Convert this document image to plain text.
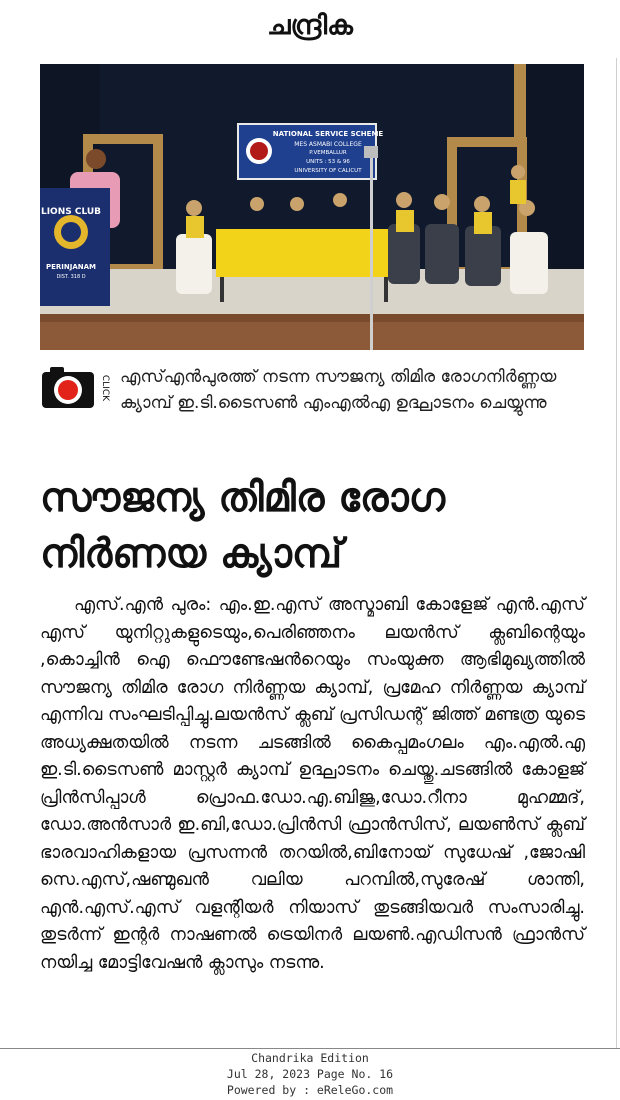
ചന്ദ്രിക
NATIONAL SERVICE SCHEME
MES ASMABI COLLEGE
P.VEMBALLUR
UNITS : 53 & 96
UNIVERSITY OF CALICUT
LIONS CLUB
PERINJANAM
DIST. 318 D
CLICK എസ്എൻപുരത്ത് നടന്ന സൗജന്യ തിമിര രോഗനിർണ്ണയ ക്യാമ്പ് ഇ.ടി.ടൈസൺ എംഎൽഎ ഉദ്ഘാടനം ചെയ്യുന്നു
സൗജന്യ തിമിര രോഗ നിർണയ ക്യാമ്പ്
എസ്.എൻ പുരം: എം.ഇ.എസ് അസ്മാബി കോളേജ് എൻ.എസ് എസ് യുനിറ്റുകളുടെയും,പെരിഞ്ഞനം ലയൻസ് ക്ലബിന്റെയും ,കൊച്ചിൻ ഐ ഫൌണ്ടേഷൻറെയും സംയുക്ത ആഭിമുഖ്യത്തിൽ സൗജന്യ തിമിര രോഗ നിർണ്ണയ ക്യാമ്പ്, പ്രമേഹ നിർണ്ണയ ക്യാമ്പ് എന്നിവ സംഘടിപ്പിച്ചു.ലയൻസ് ക്ലബ് പ്രസിഡന്റ് ജിത്ത് മണ്ടത്ര യുടെ അധ്യക്ഷതയിൽ നടന്ന ചടങ്ങിൽ കൈപ്പമംഗലം എം.എൽ.എ ഇ.ടി.ടൈസൺ മാസ്റ്റർ ക്യാമ്പ് ഉദ്ഘാടനം ചെയ്തു.ചടങ്ങിൽ കോളജ് പ്രിൻസിപ്പാൾ പ്രൊഫ.ഡോ.എ.ബിജു,ഡോ.റീനാ മുഹമ്മദ്, ഡോ.അൻസാർ ഇ.ബി,ഡോ.പ്രിൻസി ഫ്രാൻസിസ്, ലയൺസ് ക്ലബ് ഭാരവാഹികളായ പ്രസന്നൻ തറയിൽ,ബിനോയ് സുധേഷ് ,ജോഷി സെ.എസ്,ഷണ്മുഖൻ വലിയ പറമ്പിൽ,സുരേഷ് ശാന്തി, എൻ.എസ്.എസ് വളന്റിയർ നിയാസ് തുടങ്ങിയവർ സംസാരിച്ചു. തുടർന്ന് ഇന്റർ നാഷണൽ ട്രെയിനർ ലയൺ.എഡിസൻ ഫ്രാൻസ് നയിച്ച മോട്ടിവേഷൻ ക്ലാസും നടന്നു.
Chandrika Edition
Jul 28, 2023 Page No. 16
Powered by : eReleGo.com
